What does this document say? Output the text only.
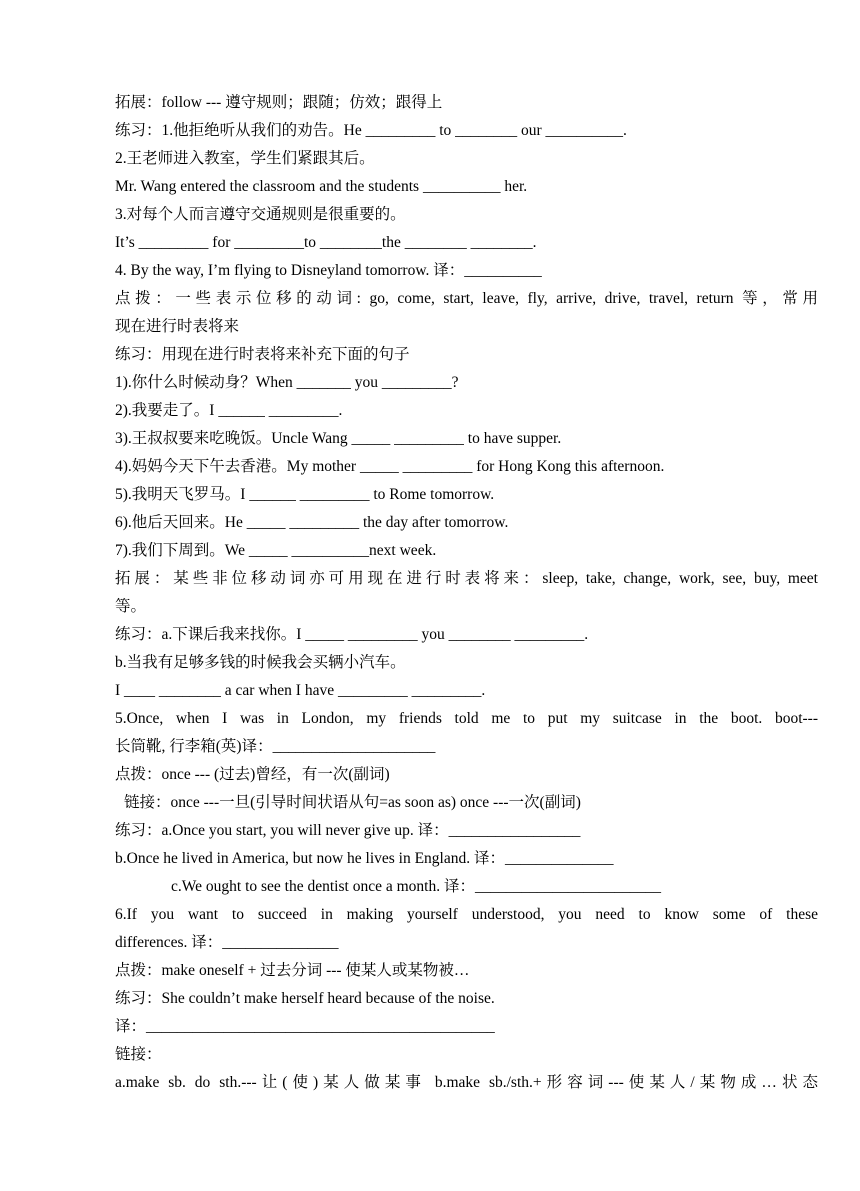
拓展：follow --- 遵守规则；跟随；仿效；跟得上
练习：1.他拒绝听从我们的劝告。He _________ to ________ our __________.
2.王老师进入教室，学生们紧跟其后。
Mr. Wang entered the classroom and the students __________ her.
3.对每个人而言遵守交通规则是很重要的。
It’s _________ for _________to ________the ________ ________.
4. By the way, I’m flying to Disneyland tomorrow. 译：__________
点拨：一些表示位移的动词: go, come, start, leave, fly, arrive, drive, travel, return 等，常用
现在进行时表将来
练习：用现在进行时表将来补充下面的句子
1).你什么时候动身？When _______ you _________?
2).我要走了。I ______ _________.
3).王叔叔要来吃晚饭。Uncle Wang _____ _________ to have supper.
4).妈妈今天下午去香港。My mother _____ _________ for Hong Kong this afternoon.
5).我明天飞罗马。I ______ _________ to Rome tomorrow.
6).他后天回来。He _____ _________ the day after tomorrow.
7).我们下周到。We _____ __________next week.
拓展：某些非位移动词亦可用现在进行时表将来：sleep, take, change, work, see, buy, meet
等。
练习：a.下课后我来找你。I _____ _________ you ________ _________.
b.当我有足够多钱的时候我会买辆小汽车。
I ____ ________ a car when I have _________ _________.
5.Once, when I was in London, my friends told me to put my suitcase in the boot. boot---
长筒靴, 行李箱(英)译：_____________________
点拨：once --- (过去)曾经，有一次(副词)
链接：once ---一旦(引导时间状语从句=as soon as) once ---一次(副词)
练习：a.Once you start, you will never give up. 译：_________________
b.Once he lived in America, but now he lives in England. 译：______________
c.We ought to see the dentist once a month. 译：________________________
6.If you want to succeed in making yourself understood, you need to know some of these
differences. 译：_______________
点拨：make oneself + 过去分词 --- 使某人或某物被…
练习：She couldn’t make herself heard because of the noise.
译：_____________________________________________
链接：
a.make sb. do sth.---让(使)某人做某事 b.make sb./sth.+形容词---使某人/某物成…状态
